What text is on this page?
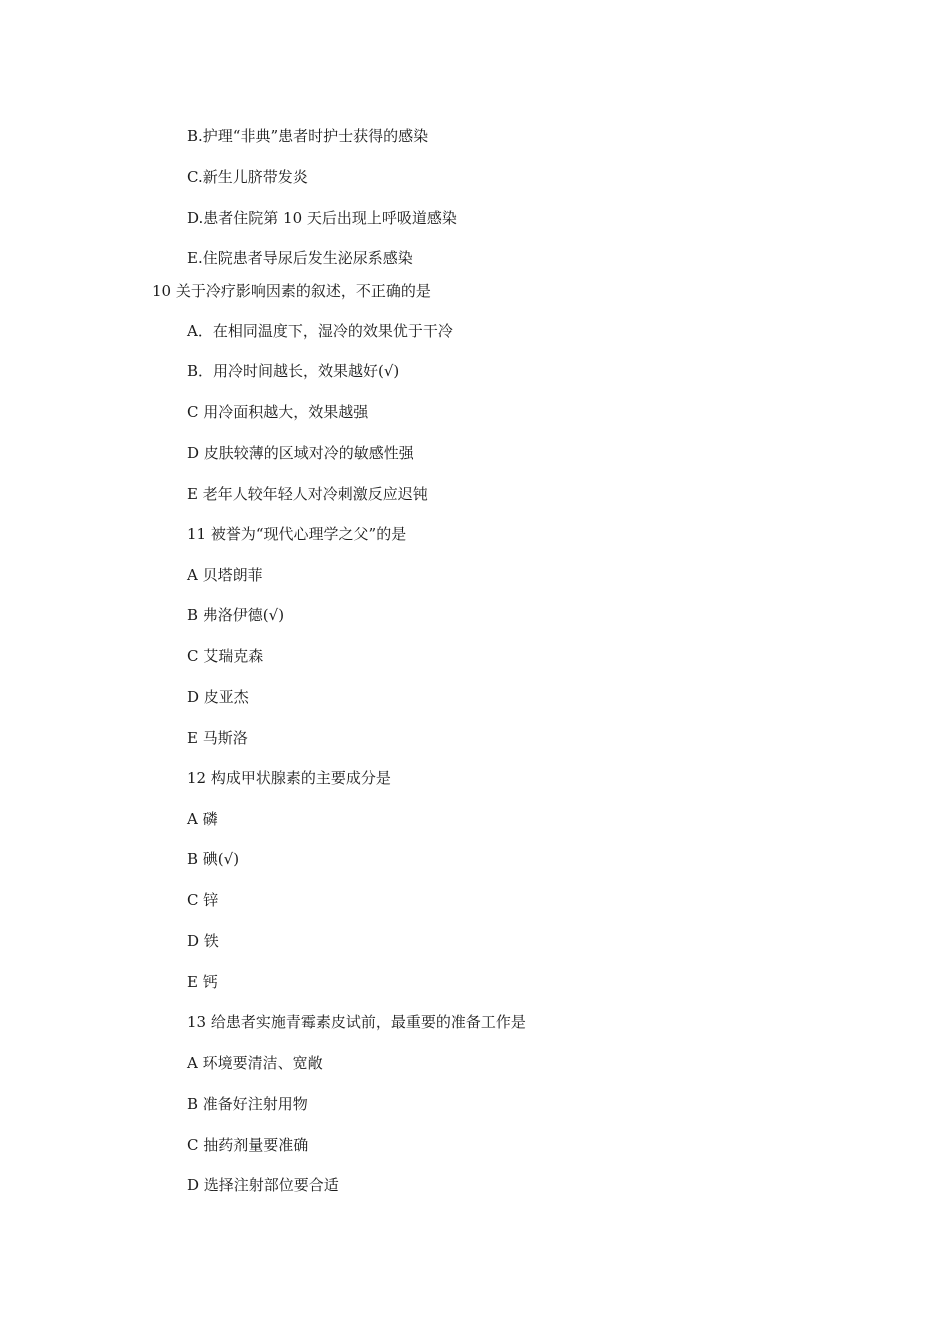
B.护理“非典”患者时护士获得的感染
C.新生儿脐带发炎
D.患者住院第 10 天后出现上呼吸道感染
E.住院患者导尿后发生泌尿系感染
10 关于冷疗影响因素的叙述，不正确的是
A．在相同温度下，湿冷的效果优于干冷
B．用冷时间越长，效果越好(√)
C 用冷面积越大，效果越强
D 皮肤较薄的区域对冷的敏感性强
E 老年人较年轻人对冷刺激反应迟钝
11 被誉为“现代心理学之父”的是
A 贝塔朗菲
B 弗洛伊德(√)
C 艾瑞克森
D 皮亚杰
E 马斯洛
12 构成甲状腺素的主要成分是
A 磷
B 碘(√)
C 锌
D 铁
E 钙
13 给患者实施青霉素皮试前，最重要的准备工作是
A 环境要清洁、宽敞
B 准备好注射用物
C 抽药剂量要准确
D 选择注射部位要合适
